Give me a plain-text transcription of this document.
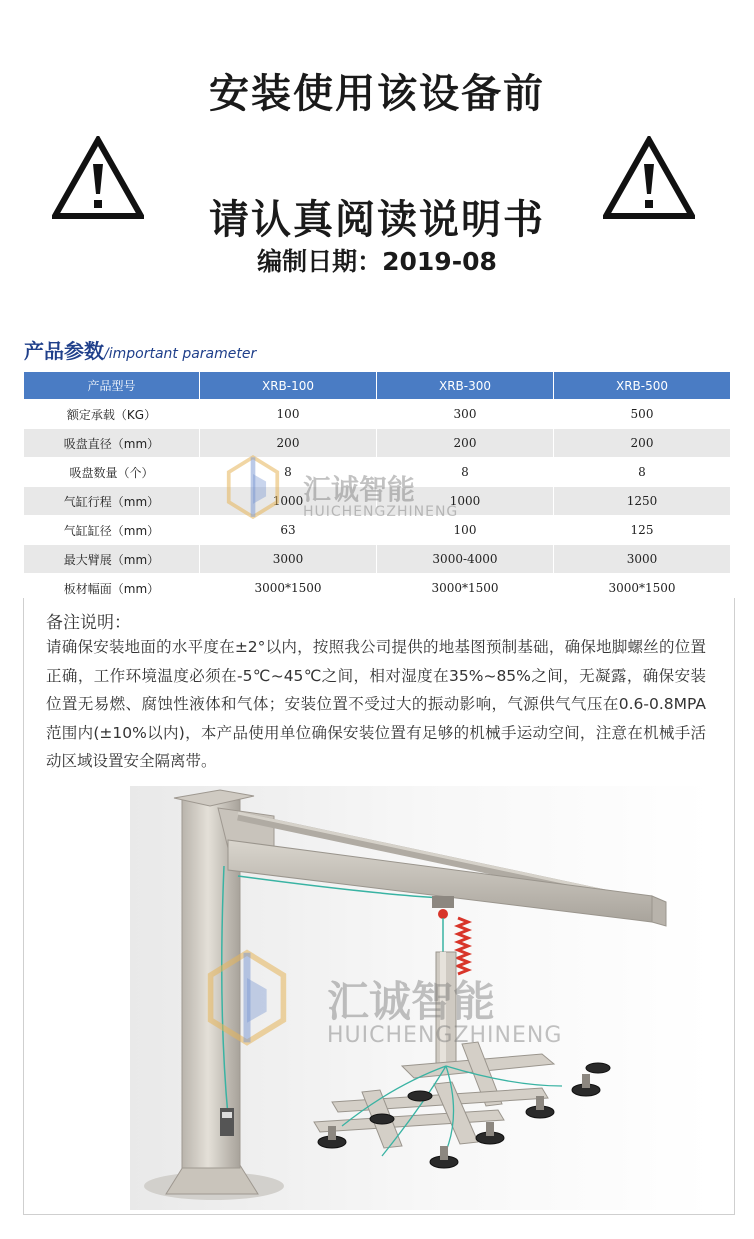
安装使用该设备前
请认真阅读说明书
编制日期：2019-08
产品参数/important parameter
产品型号	XRB-100	XRB-300	XRB-500
额定承载（KG）	100	300	500
吸盘直径（mm）	200	200	200
吸盘数量（个）	8	8	8
气缸行程（mm）	1000	1000	1250
气缸缸径（mm）	63	100	125
最大臂展（mm）	3000	3000-4000	3000
板材幅面（mm）	3000*1500	3000*1500	3000*1500
汇诚智能
HUICHENGZHINENG
备注说明：
请确保安装地面的水平度在±2°以内，按照我公司提供的地基图预制基础，确保地脚螺丝的位置正确，工作环境温度必须在-5℃~45℃之间，相对湿度在35%~85%之间，无凝露，确保安装位置无易燃、腐蚀性液体和气体；安装位置不受过大的振动影响，气源供气气压在0.6-0.8MPA范围内(±10%以内)，本产品使用单位确保安装位置有足够的机械手运动空间，注意在机械手活动区域设置安全隔离带。
汇诚智能
HUICHENGZHINENG
